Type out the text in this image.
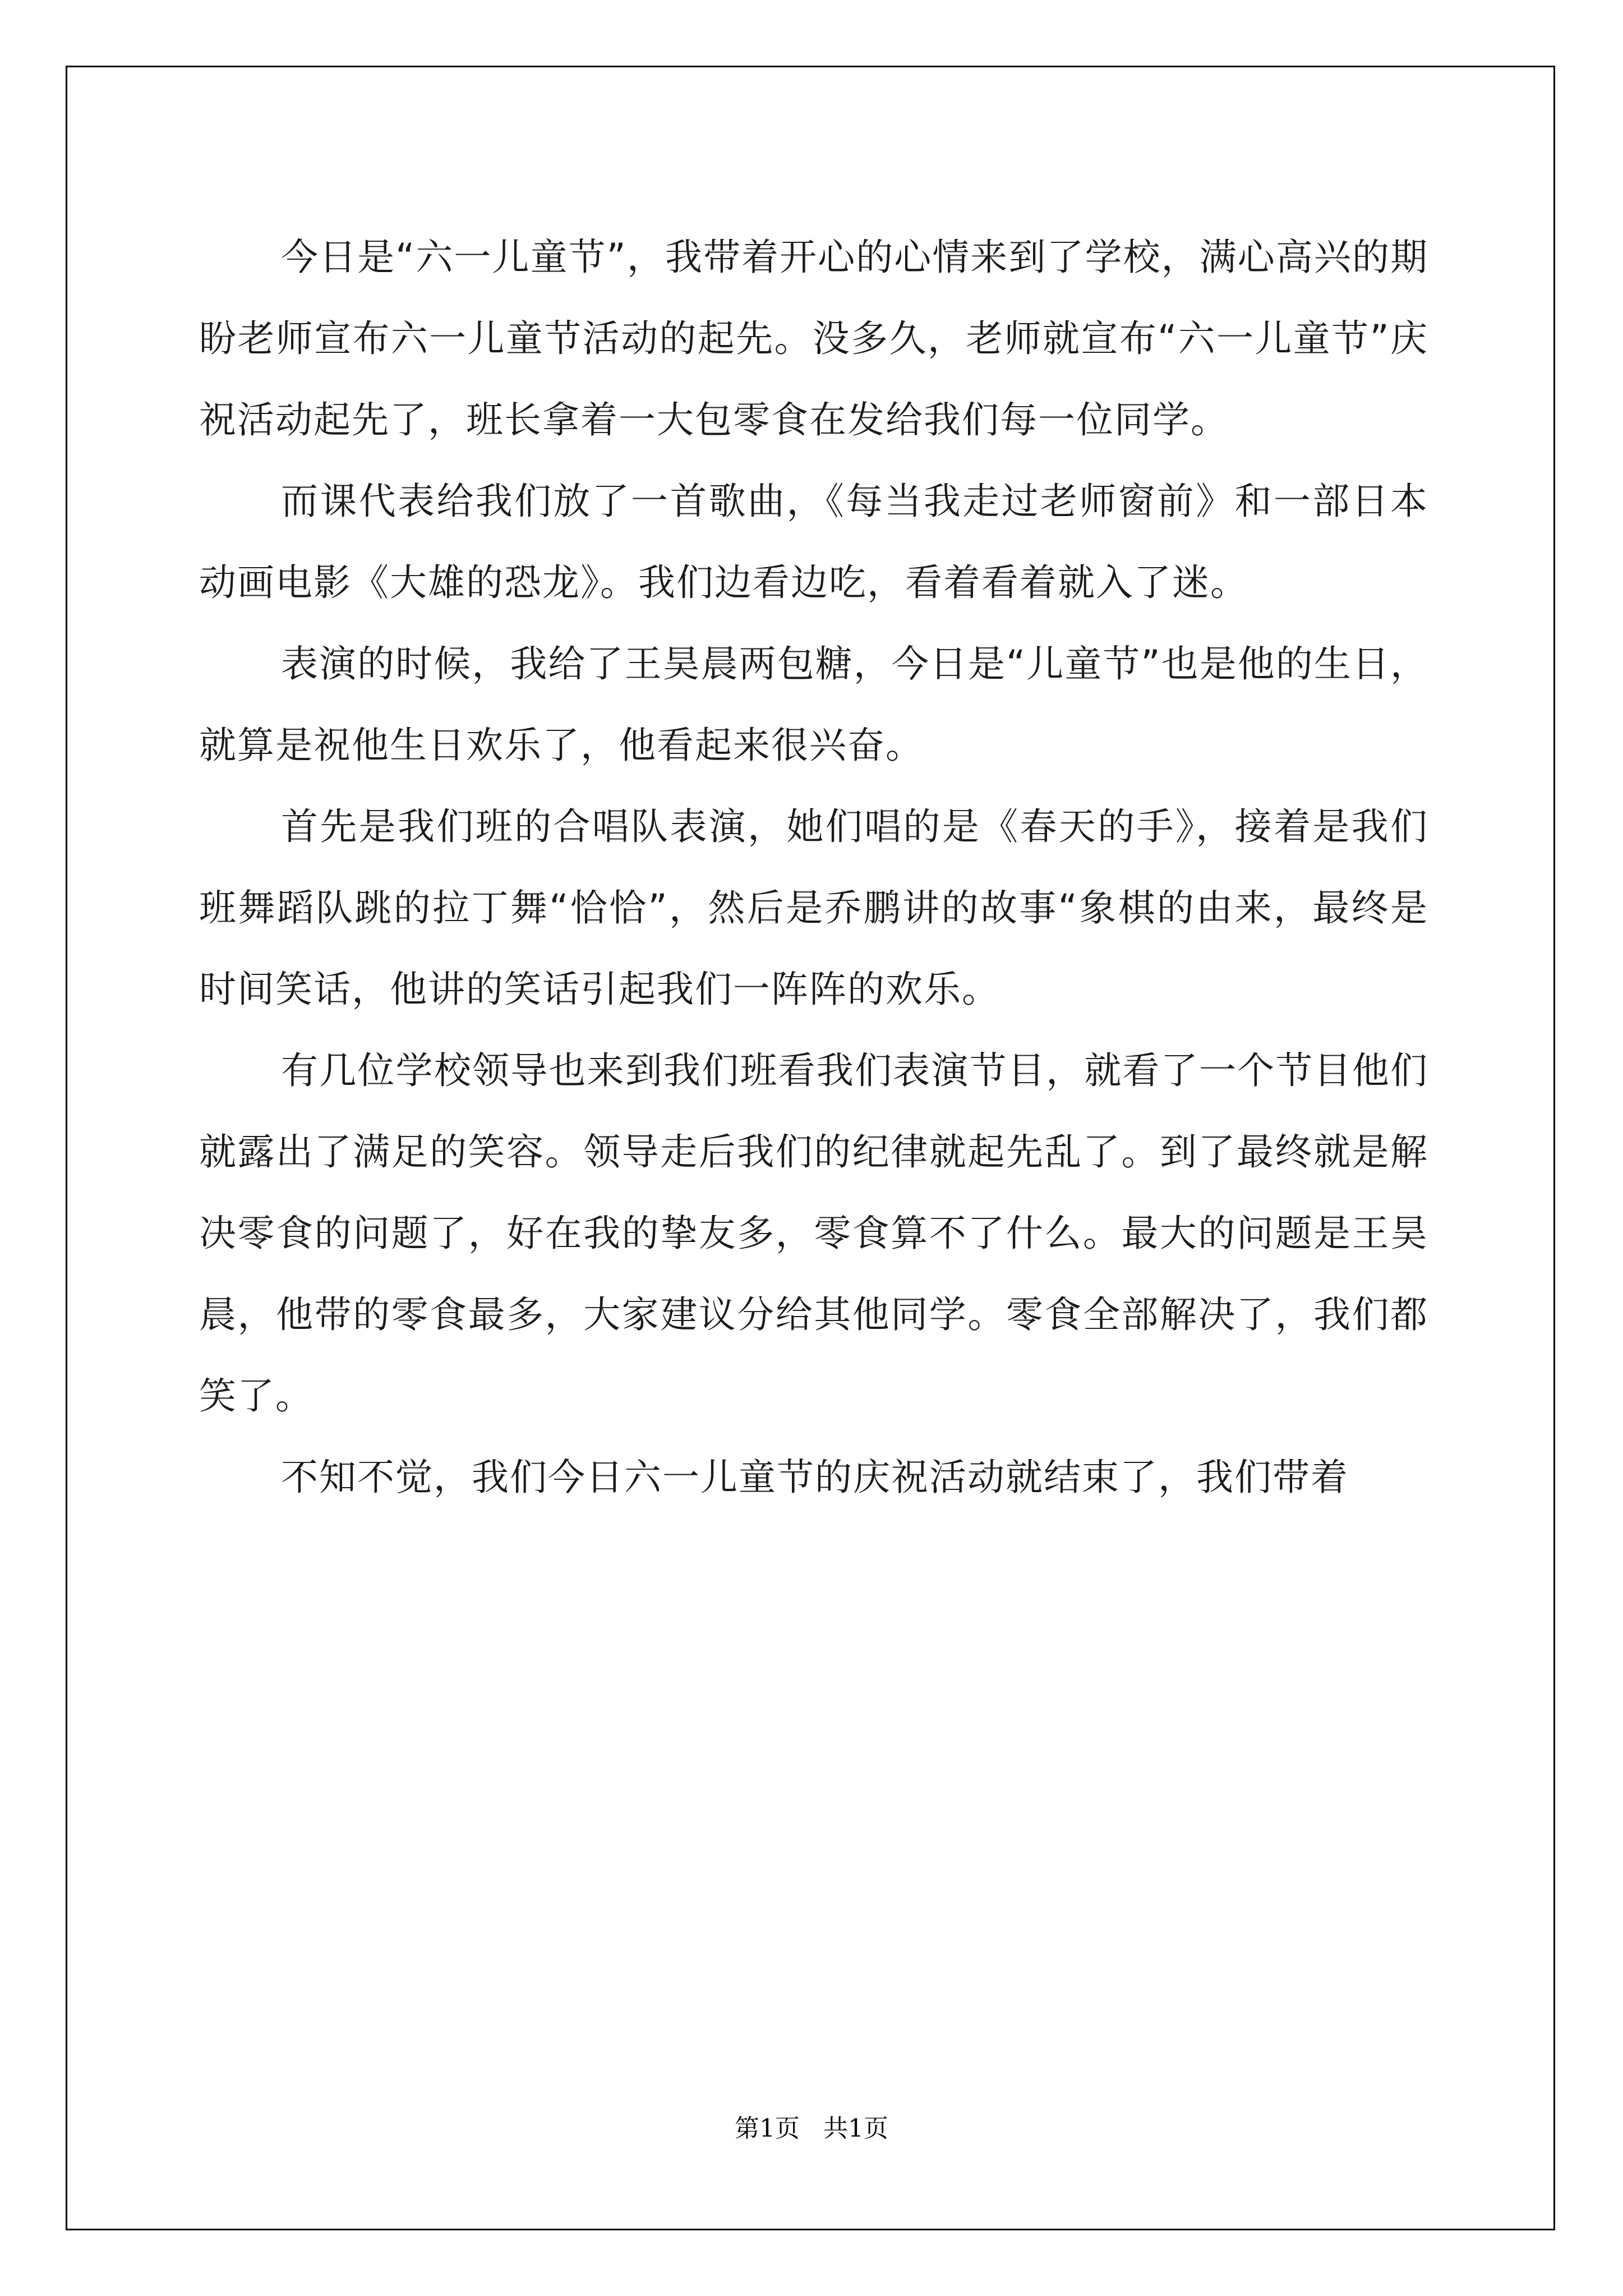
今日是“六一儿童节”，我带着开心的心情来到了学校，满心高兴的期盼老师宣布六一儿童节活动的起先。没多久，老师就宣布“六一儿童节”庆祝活动起先了，班长拿着一大包零食在发给我们每一位同学。

而课代表给我们放了一首歌曲，《每当我走过老师窗前》和一部日本动画电影《大雄的恐龙》。我们边看边吃，看着看着就入了迷。

表演的时候，我给了王昊晨两包糖，今日是“儿童节”也是他的生日，就算是祝他生日欢乐了，他看起来很兴奋。

首先是我们班的合唱队表演，她们唱的是《春天的手》，接着是我们班舞蹈队跳的拉丁舞“恰恰”，然后是乔鹏讲的故事“象棋的由来，最终是时间笑话，他讲的笑话引起我们一阵阵的欢乐。

有几位学校领导也来到我们班看我们表演节目，就看了一个节目他们就露出了满足的笑容。领导走后我们的纪律就起先乱了。到了最终就是解决零食的问题了，好在我的挚友多，零食算不了什么。最大的问题是王昊晨，他带的零食最多，大家建议分给其他同学。零食全部解决了，我们都笑了。

不知不觉，我们今日六一儿童节的庆祝活动就结束了，我们带着

第1页   共1页
